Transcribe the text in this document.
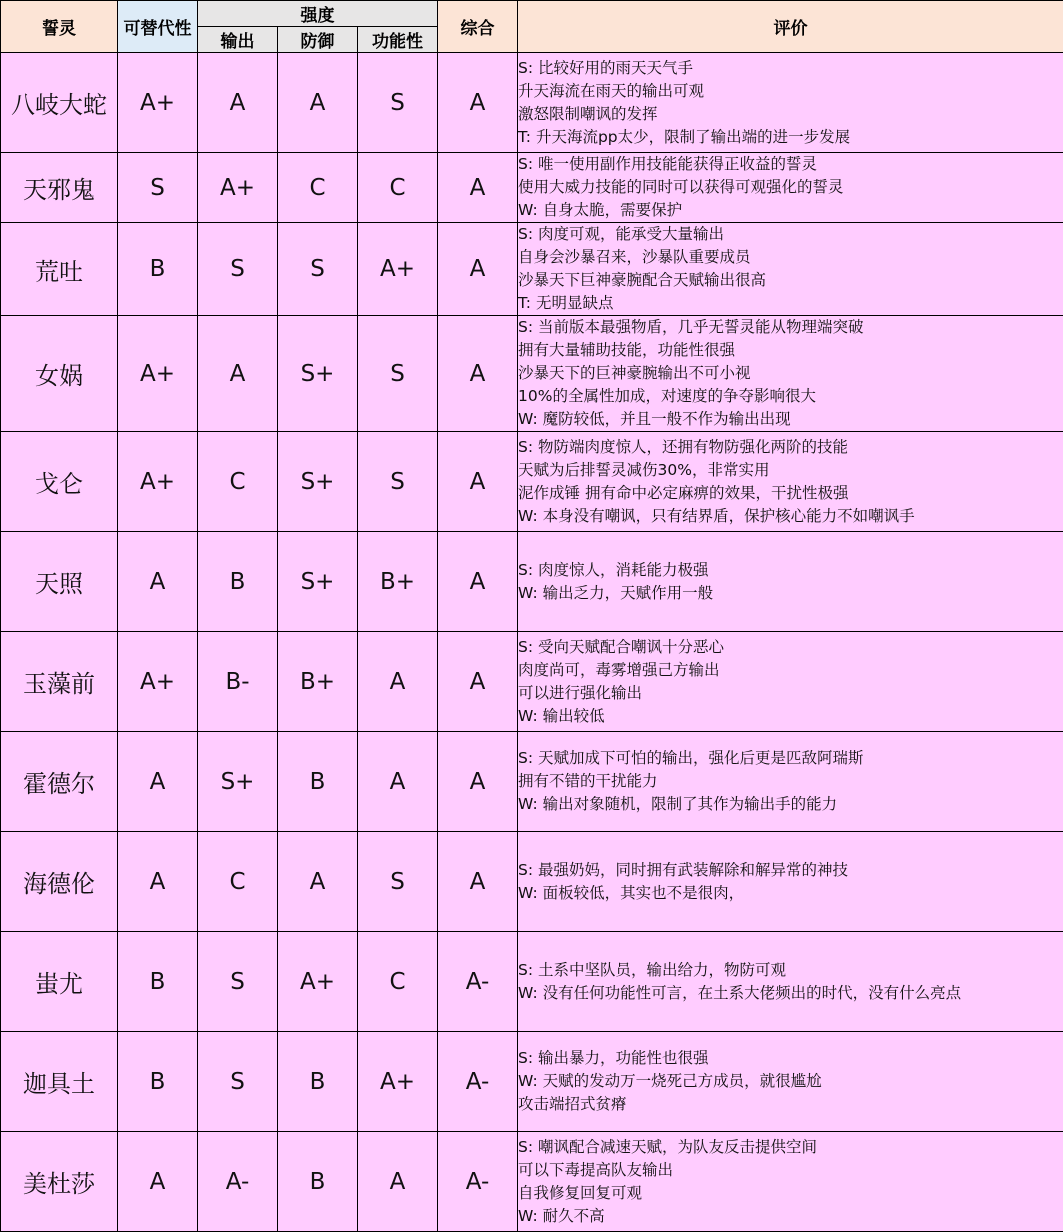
誓灵	可替代性	强度			综合	评价
		输出	防御	功能性		
八岐大蛇	A+	A	A	S	A	S: 比较好用的雨天天气手
升天海流在雨天的输出可观
激怒限制嘲讽的发挥
T: 升天海流pp太少，限制了输出端的进一步发展

天邪鬼	S	A+	C	C	A	S: 唯一使用副作用技能能获得正收益的誓灵
使用大威力技能的同时可以获得可观强化的誓灵
W: 自身太脆，需要保护

荒吐	B	S	S	A+	A	S: 肉度可观，能承受大量输出
自身会沙暴召来，沙暴队重要成员
沙暴天下巨神豪腕配合天赋输出很高
T: 无明显缺点

女娲	A+	A	S+	S	A	S: 当前版本最强物盾，几乎无誓灵能从物理端突破
拥有大量辅助技能，功能性很强
沙暴天下的巨神豪腕输出不可小视
10%的全属性加成，对速度的争夺影响很大
W: 魔防较低，并且一般不作为输出出现

戈仑	A+	C	S+	S	A	S: 物防端肉度惊人，还拥有物防强化两阶的技能
天赋为后排誓灵减伤30%，非常实用
泥作成锤 拥有命中必定麻痹的效果，干扰性极强
W: 本身没有嘲讽，只有结界盾，保护核心能力不如嘲讽手

天照	A	B	S+	B+	A	S: 肉度惊人，消耗能力极强
W: 输出乏力，天赋作用一般

玉藻前	A+	B-	B+	A	A	S: 受向天赋配合嘲讽十分恶心
肉度尚可，毒雾增强己方输出
可以进行强化输出
W: 输出较低

霍德尔	A	S+	B	A	A	S: 天赋加成下可怕的输出，强化后更是匹敌阿瑞斯
拥有不错的干扰能力
W: 输出对象随机，限制了其作为输出手的能力

海德伦	A	C	A	S	A	S: 最强奶妈，同时拥有武装解除和解异常的神技
W: 面板较低，其实也不是很肉，

蚩尤	B	S	A+	C	A-	S: 土系中坚队员，输出给力，物防可观
W: 没有任何功能性可言，在土系大佬频出的时代，没有什么亮点

迦具土	B	S	B	A+	A-	S: 输出暴力，功能性也很强
W: 天赋的发动万一烧死己方成员，就很尴尬
攻击端招式贫瘠

美杜莎	A	A-	B	A	A-	S: 嘲讽配合减速天赋，为队友反击提供空间
可以下毒提高队友输出
自我修复回复可观
W: 耐久不高
